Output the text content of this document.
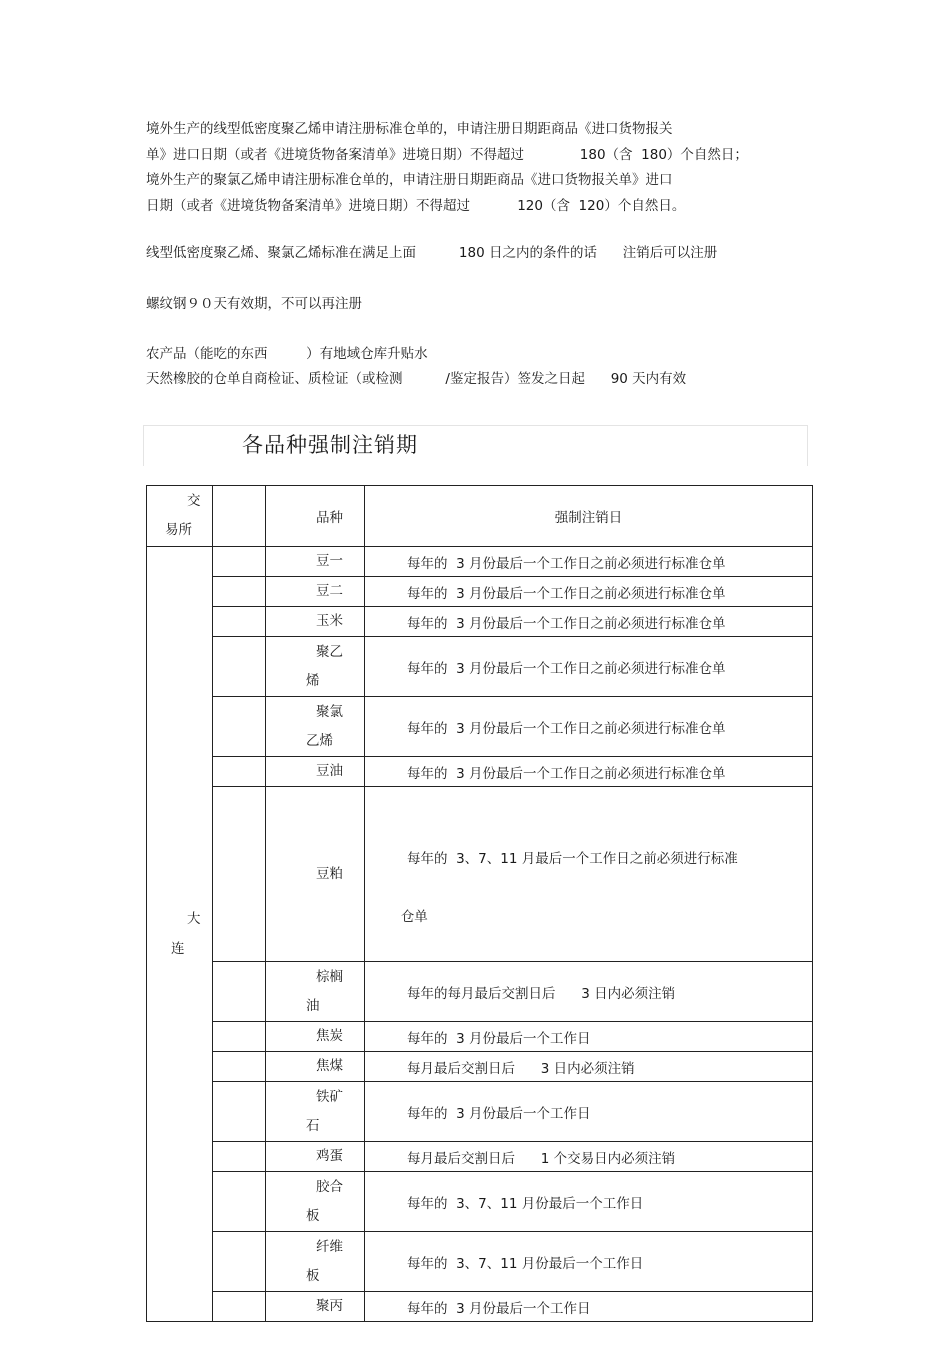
境外生产的线型低密度聚乙烯申请注册标准仓单的，申请注册日期距商品《进口货物报关
单》进口日期（或者《进境货物备案清单》进境日期）不得超过             180（含  180）个自然日；
境外生产的聚氯乙烯申请注册标准仓单的，申请注册日期距商品《进口货物报关单》进口
日期（或者《进境货物备案清单》进境日期）不得超过           120（含  120）个自然日。
线型低密度聚乙烯、聚氯乙烯标准在满足上面          180 日之内的条件的话      注销后可以注册
螺纹钢９０天有效期，不可以再注册
农产品（能吃的东西         ）有地域仓库升贴水
天然橡胶的仓单自商检证、质检证（或检测          /鉴定报告）签发之日起      90 天内有效
各品种强制注销期
交
易所		品种	强制注销日

大
连		豆一	每年的  3 月份最后一个工作日之前必须进行标准仓单
		豆二	每年的  3 月份最后一个工作日之前必须进行标准仓单
		玉米	每年的  3 月份最后一个工作日之前必须进行标准仓单

		聚乙
烯	每年的  3 月份最后一个工作日之前必须进行标准仓单

		聚氯
乙烯	每年的  3 月份最后一个工作日之前必须进行标准仓单
		豆油	每年的  3 月份最后一个工作日之前必须进行标准仓单
		豆粕	每年的  3、7、11 月最后一个工作日之前必须进行标准

仓单

		棕榈
油	每年的每月最后交割日后      3 日内必须注销
		焦炭	每年的  3 月份最后一个工作日
		焦煤	每月最后交割日后      3 日内必须注销

		铁矿
石	每年的  3 月份最后一个工作日
		鸡蛋	每月最后交割日后      1 个交易日内必须注销

		胶合
板	每年的  3、7、11 月份最后一个工作日

		纤维
板	每年的  3、7、11 月份最后一个工作日
		聚丙	每年的  3 月份最后一个工作日
